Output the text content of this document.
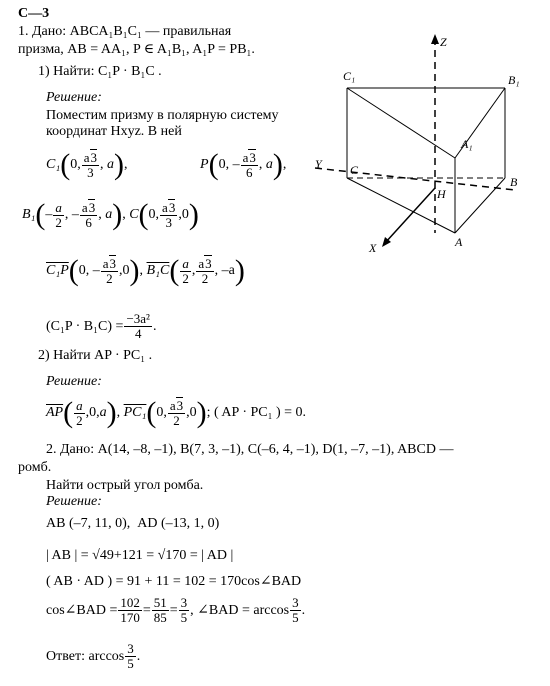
С—3
1. Дано: ABCA₁B₁C₁ — правильная
призма, AB = AA₁, P ∈ A₁B₁, A₁P = PB₁.
1) Найти: C₁P · B₁C .
Решение:
Поместим призму в полярную систему
координат Hxyz. В ней
C₁ ( 0, $\frac{a3}{3}$ , a ) ,	P ( 0, – $\frac{a3}{6}$ , a ) ,
B₁ ( – $\frac{a}{2}$ , – $\frac{a3}{6}$ , a ) , C ( 0, $\frac{a3}{3} ,0$ )
C₁P ( 0, – $\frac{a3}{2} ,0$ ) , B₁C ( $\frac{a}{2}$ , $\frac{a3}{2}$ , –a )
$(C_1P \cdot B_1C) = \frac{\text{−3a²}}{4}$ .
2) Найти AP · PC₁ .
Решение:
$\overline{AP}$ ( $\frac{a}{2} ,0$, a ) , PC₁ ( 0, $\frac{a3}{2} ,0$ ) ; ( AP · PC₁ ) = 0.
2. Дано: A(14, –8, –1), B(7, 3, –1), C(–6, 4, –1), D(1, –7, –1), ABCD —
ромб.
Найти острый угол ромба.
Решение:
AB (–7, 11, 0), AD (–13, 1, 0)
| AB | = √49+121 = √170 = | AD |
( AB · AD ) = 91 + 11 = 102 = 170cos∠BAD
cos∠BAD = $\frac{102}{170} = \frac{51}{85} = \frac{3}{5}$ , ∠BAD = $\arccos \frac{3}{5}$ .
Ответ: $\arccos \frac{3}{5}$ .
Z
Y
X
C₁	B₁
A₁
C
H
B
A
